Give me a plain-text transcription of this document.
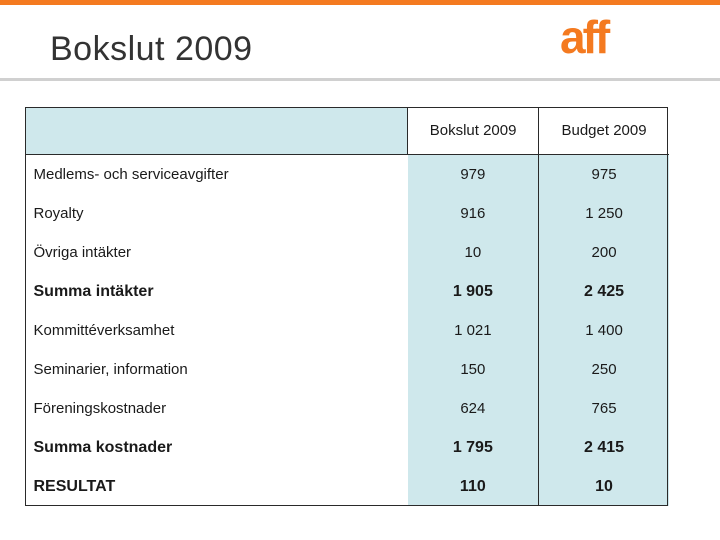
Bokslut 2009	aff
	Bokslut 2009	Budget 2009
Medlems- och serviceavgifter	979	975
Royalty	916	1 250
Övriga intäkter	10	200
Summa intäkter	1 905	2 425
Kommittéverksamhet	1 021	1 400
Seminarier, information	150	250
Föreningskostnader	624	765
Summa kostnader	1 795	2 415
RESULTAT	110	10
